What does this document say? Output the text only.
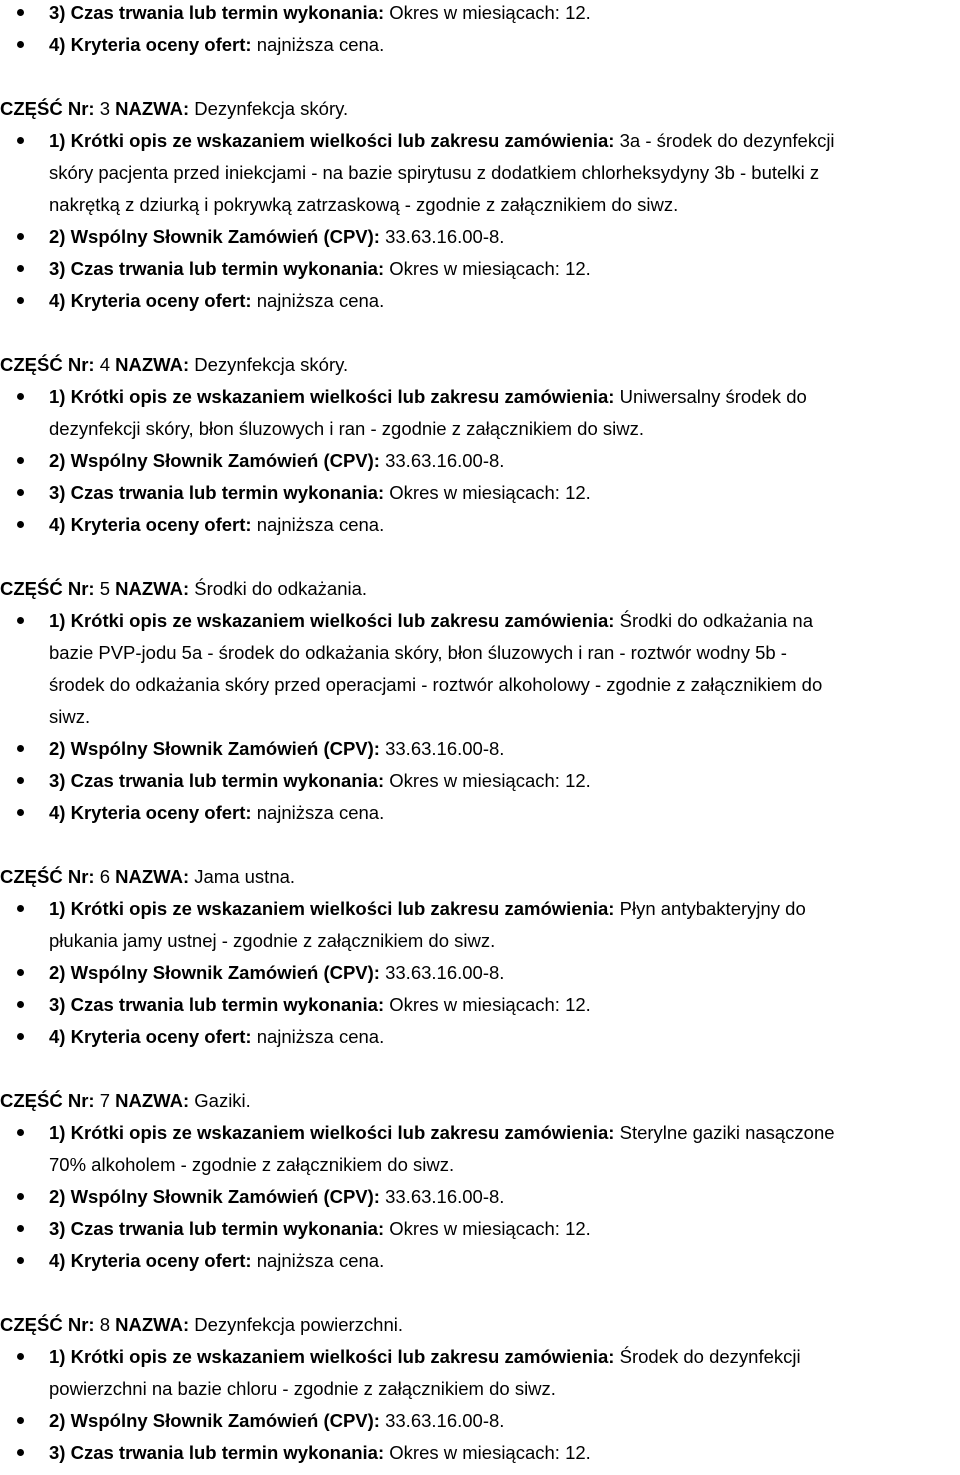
3) Czas trwania lub termin wykonania: Okres w miesiącach: 12.
4) Kryteria oceny ofert: najniższa cena.
CZĘŚĆ Nr: 3 NAZWA: Dezynfekcja skóry.
1) Krótki opis ze wskazaniem wielkości lub zakresu zamówienia: 3a - środek do dezynfekcji
skóry pacjenta przed iniekcjami - na bazie spirytusu z dodatkiem chlorheksydyny 3b - butelki z
nakrętką z dziurką i pokrywką zatrzaskową - zgodnie z załącznikiem do siwz.
2) Wspólny Słownik Zamówień (CPV): 33.63.16.00-8.
3) Czas trwania lub termin wykonania: Okres w miesiącach: 12.
4) Kryteria oceny ofert: najniższa cena.
CZĘŚĆ Nr: 4 NAZWA: Dezynfekcja skóry.
1) Krótki opis ze wskazaniem wielkości lub zakresu zamówienia: Uniwersalny środek do
dezynfekcji skóry, błon śluzowych i ran - zgodnie z załącznikiem do siwz.
2) Wspólny Słownik Zamówień (CPV): 33.63.16.00-8.
3) Czas trwania lub termin wykonania: Okres w miesiącach: 12.
4) Kryteria oceny ofert: najniższa cena.
CZĘŚĆ Nr: 5 NAZWA: Środki do odkażania.
1) Krótki opis ze wskazaniem wielkości lub zakresu zamówienia: Środki do odkażania na
bazie PVP-jodu 5a - środek do odkażania skóry, błon śluzowych i ran - roztwór wodny 5b -
środek do odkażania skóry przed operacjami - roztwór alkoholowy - zgodnie z załącznikiem do
siwz.
2) Wspólny Słownik Zamówień (CPV): 33.63.16.00-8.
3) Czas trwania lub termin wykonania: Okres w miesiącach: 12.
4) Kryteria oceny ofert: najniższa cena.
CZĘŚĆ Nr: 6 NAZWA: Jama ustna.
1) Krótki opis ze wskazaniem wielkości lub zakresu zamówienia: Płyn antybakteryjny do
płukania jamy ustnej - zgodnie z załącznikiem do siwz.
2) Wspólny Słownik Zamówień (CPV): 33.63.16.00-8.
3) Czas trwania lub termin wykonania: Okres w miesiącach: 12.
4) Kryteria oceny ofert: najniższa cena.
CZĘŚĆ Nr: 7 NAZWA: Gaziki.
1) Krótki opis ze wskazaniem wielkości lub zakresu zamówienia: Sterylne gaziki nasączone
70% alkoholem - zgodnie z załącznikiem do siwz.
2) Wspólny Słownik Zamówień (CPV): 33.63.16.00-8.
3) Czas trwania lub termin wykonania: Okres w miesiącach: 12.
4) Kryteria oceny ofert: najniższa cena.
CZĘŚĆ Nr: 8 NAZWA: Dezynfekcja powierzchni.
1) Krótki opis ze wskazaniem wielkości lub zakresu zamówienia: Środek do dezynfekcji
powierzchni na bazie chloru - zgodnie z załącznikiem do siwz.
2) Wspólny Słownik Zamówień (CPV): 33.63.16.00-8.
3) Czas trwania lub termin wykonania: Okres w miesiącach: 12.
